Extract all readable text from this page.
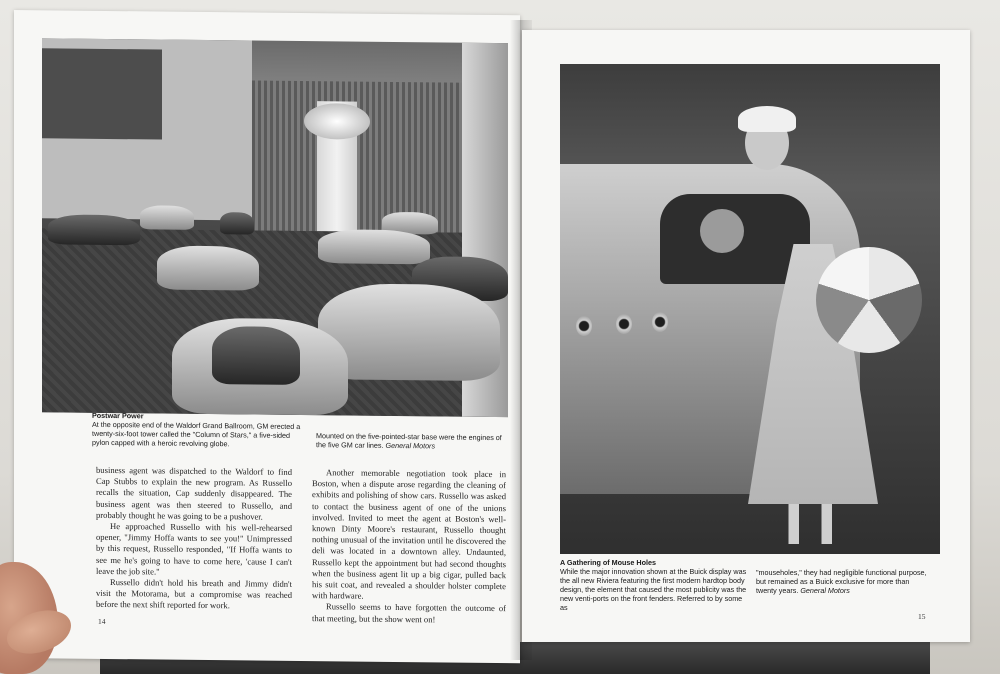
Postwar Power
At the opposite end of the Waldorf Grand Ballroom, GM erected a twenty-six-foot tower called the "Column of Stars," a five-sided pylon capped with a heroic revolving globe.
Mounted on the five-pointed-star base were the engines of the five GM car lines. General Motors

business agent was dispatched to the Waldorf to find Cap Stubbs to explain the new program. As Russello recalls the situation, Cap suddenly disappeared. The business agent was then steered to Russello, and probably thought he was going to be a pushover.

He approached Russello with his well-rehearsed opener, "Jimmy Hoffa wants to see you!" Unimpressed by this request, Russello responded, "If Hoffa wants to see me he's going to have to come here, 'cause I can't leave the job site."

Russello didn't hold his breath and Jimmy didn't visit the Motorama, but a compromise was reached before the next shift reported for work.

Another memorable negotiation took place in Boston, when a dispute arose regarding the cleaning of exhibits and polishing of show cars. Russello was asked to contact the business agent of one of the unions involved. Invited to meet the agent at Boston's well-known Dinty Moore's restaurant, Russello thought nothing unusual of the invitation until he discovered the deli was located in a downtown alley. Undaunted, Russello kept the appointment but had second thoughts when the business agent lit up a big cigar, pulled back his suit coat, and revealed a shoulder holster complete with hardware.

Russello seems to have forgotten the outcome of that meeting, but the show went on!

14
A Gathering of Mouse Holes
While the major innovation shown at the Buick display was the all new Riviera featuring the first modern hardtop body design, the element that caused the most publicity was the new venti-ports on the front fenders. Referred to by some as
"mouseholes," they had negligible functional purpose, but remained as a Buick exclusive for more than twenty years. General Motors
15
